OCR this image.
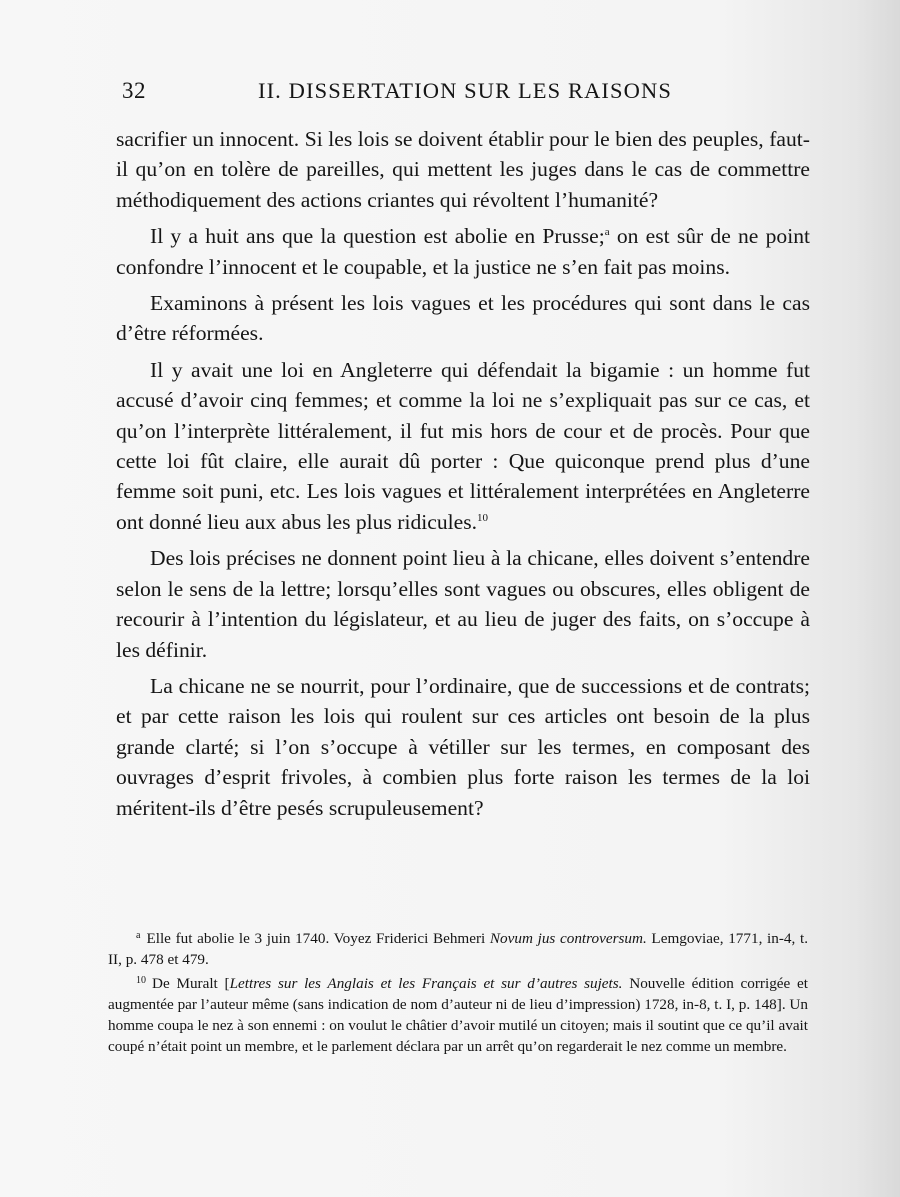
32	II. DISSERTATION SUR LES RAISONS

sacrifier un innocent. Si les lois se doivent établir pour le bien des peuples, faut-il qu’on en tolère de pareilles, qui mettent les juges dans le cas de commettre méthodiquement des actions criantes qui révoltent l’humanité?

Il y a huit ans que la question est abolie en Prusse;$^a$ on est sûr de ne point confondre l’innocent et le coupable, et la justice ne s’en fait pas moins.

Examinons à présent les lois vagues et les procédures qui sont dans le cas d’être réformées.

Il y avait une loi en Angleterre qui défendait la bigamie : un homme fut accusé d’avoir cinq femmes; et comme la loi ne s’expliquait pas sur ce cas, et qu’on l’interprète littéralement, il fut mis hors de cour et de procès. Pour que cette loi fût claire, elle aurait dû porter : Que quiconque prend plus d’une femme soit puni, etc. Les lois vagues et littéralement interprétées en Angleterre ont donné lieu aux abus les plus ridicules.$^{10}$

Des lois précises ne donnent point lieu à la chicane, elles doivent s’entendre selon le sens de la lettre; lorsqu’elles sont vagues ou obscures, elles obligent de recourir à l’intention du législateur, et au lieu de juger des faits, on s’occupe à les définir.

La chicane ne se nourrit, pour l’ordinaire, que de successions et de contrats; et par cette raison les lois qui roulent sur ces articles ont besoin de la plus grande clarté; si l’on s’occupe à vétiller sur les termes, en composant des ouvrages d’esprit frivoles, à combien plus forte raison les termes de la loi méritent-ils d’être pesés scrupuleusement?

$^a$ Elle fut abolie le 3 juin 1740. Voyez Friderici Behmeri Novum jus controversum. Lemgoviae, 1771, in-4, t. II, p. 478 et 479.

$^{10}$ De Muralt [Lettres sur les Anglais et les Français et sur d’autres sujets. Nouvelle édition corrigée et augmentée par l’auteur même (sans indication de nom d’auteur ni de lieu d’impression) 1728, in-8, t. I, p. 148]. Un homme coupa le nez à son ennemi : on voulut le châtier d’avoir mutilé un citoyen; mais il soutint que ce qu’il avait coupé n’était point un membre, et le parlement déclara par un arrêt qu’on regarderait le nez comme un membre.
